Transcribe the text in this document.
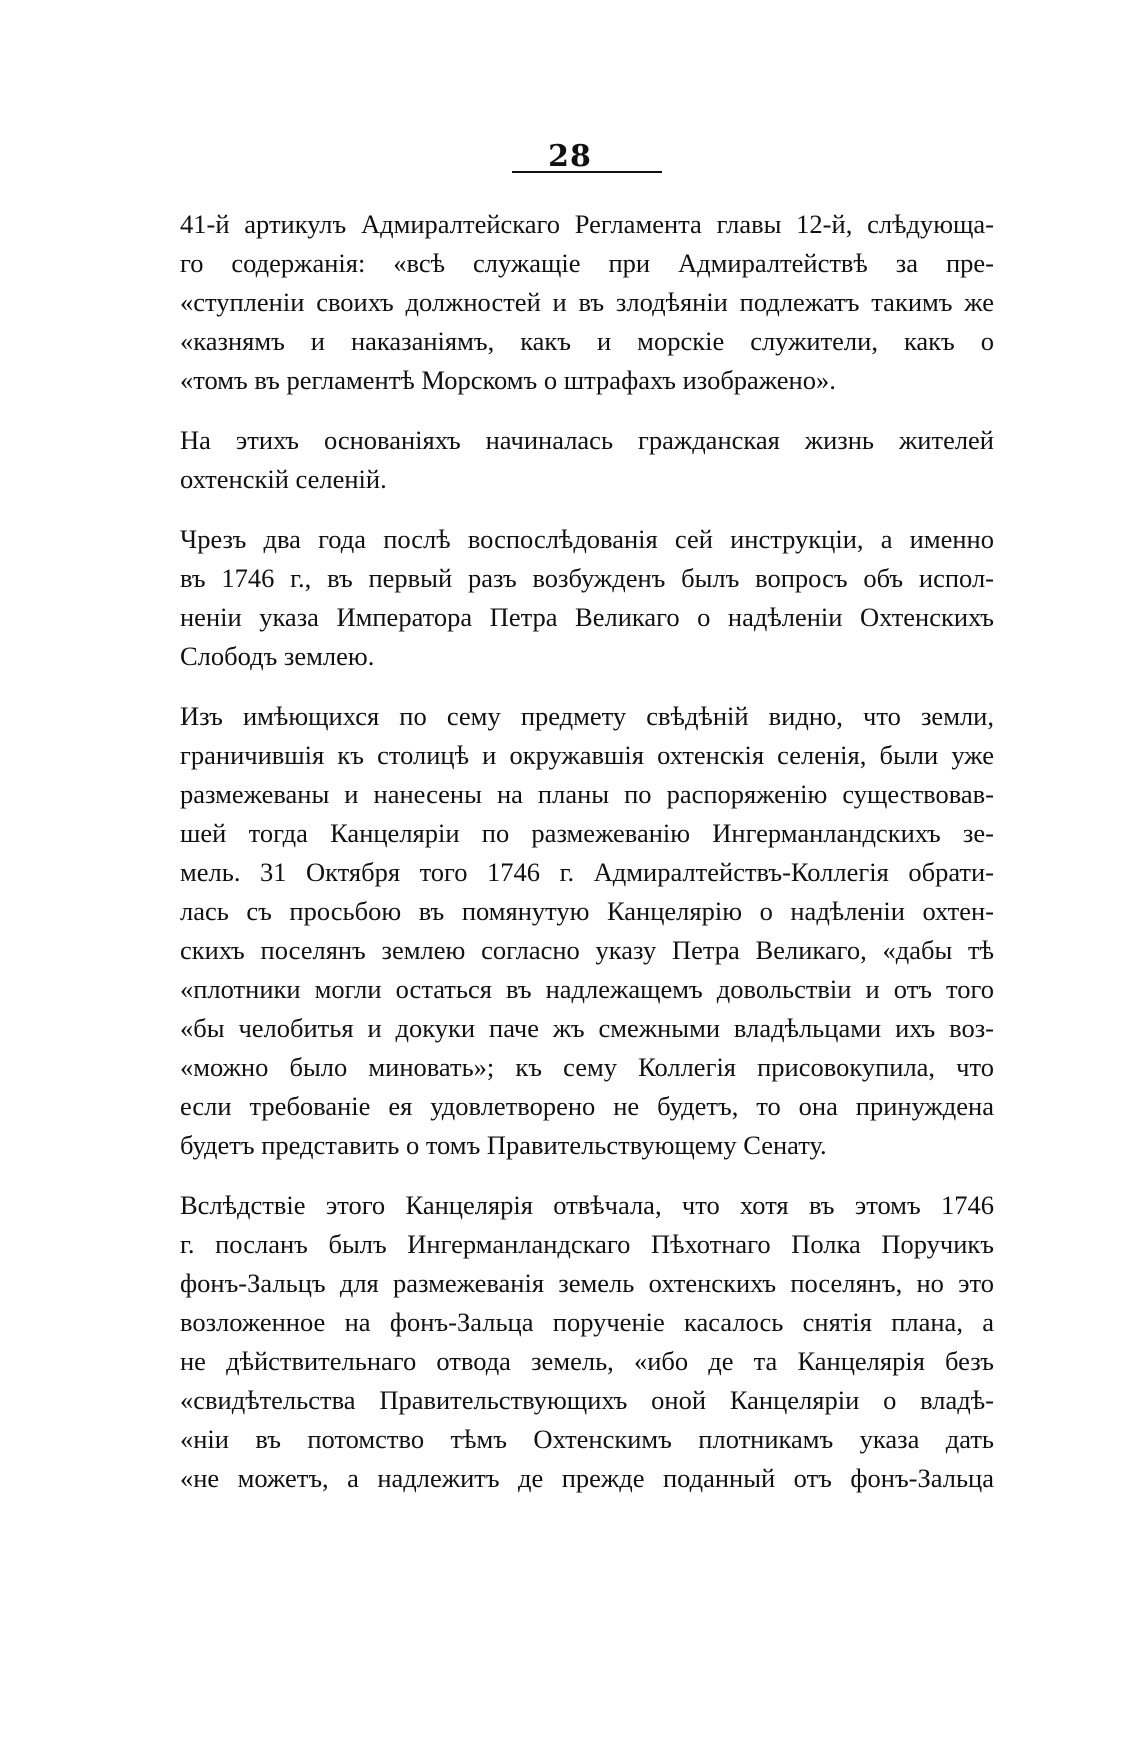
28

41-й артикулъ Адмиралтейскаго Регламента главы 12-й, слѣдующа-
го содержанія: «всѣ служащіе при Адмиралтействѣ за пре-
«ступленіи своихъ должностей и въ злодѣяніи подлежатъ такимъ же
«казнямъ и наказаніямъ, какъ и морскіе служители, какъ о
«томъ въ регламентѣ Морскомъ о штрафахъ изображено».

На этихъ основаніяхъ начиналась гражданская жизнь жителей
охтенскій селеній.

Чрезъ два года послѣ воспослѣдованія сей инструкціи, а именно
въ 1746 г., въ первый разъ возбужденъ былъ вопросъ объ испол-
неніи указа Императора Петра Великаго о надѣленіи Охтенскихъ
Слободъ землею.

Изъ имѣющихся по сему предмету свѣдѣній видно, что земли,
граничившія къ столицѣ и окружавшія охтенскія селенія, были уже
размежеваны и нанесены на планы по распоряженію существовав-
шей тогда Канцеляріи по размежеванію Ингерманландскихъ зе-
мель. 31 Октября того 1746 г. Адмиралтействъ-Коллегія обрати-
лась съ просьбою въ помянутую Канцелярію о надѣленіи охтен-
скихъ поселянъ землею согласно указу Петра Великаго, «дабы тѣ
«плотники могли остаться въ надлежащемъ довольствіи и отъ того
«бы челобитья и докуки паче жъ смежными владѣльцами ихъ воз-
«можно было миновать»; къ сему Коллегія присовокупила, что
если требованіе ея удовлетворено не будетъ, то она принуждена
будетъ представить о томъ Правительствующему Сенату.

Вслѣдствіе этого Канцелярія отвѣчала, что хотя въ этомъ 1746
г. посланъ былъ Ингерманландскаго Пѣхотнаго Полка Поручикъ
фонъ-Зальцъ для размежеванія земель охтенскихъ поселянъ, но это
возложенное на фонъ-Зальца порученіе касалось снятія плана, а
не дѣйствительнаго отвода земель, «ибо де та Канцелярія безъ
«свидѣтельства Правительствующихъ оной Канцеляріи о владѣ-
«ніи въ потомство тѣмъ Охтенскимъ плотникамъ указа дать
«не можетъ, а надлежитъ де прежде поданный отъ фонъ-Зальца
